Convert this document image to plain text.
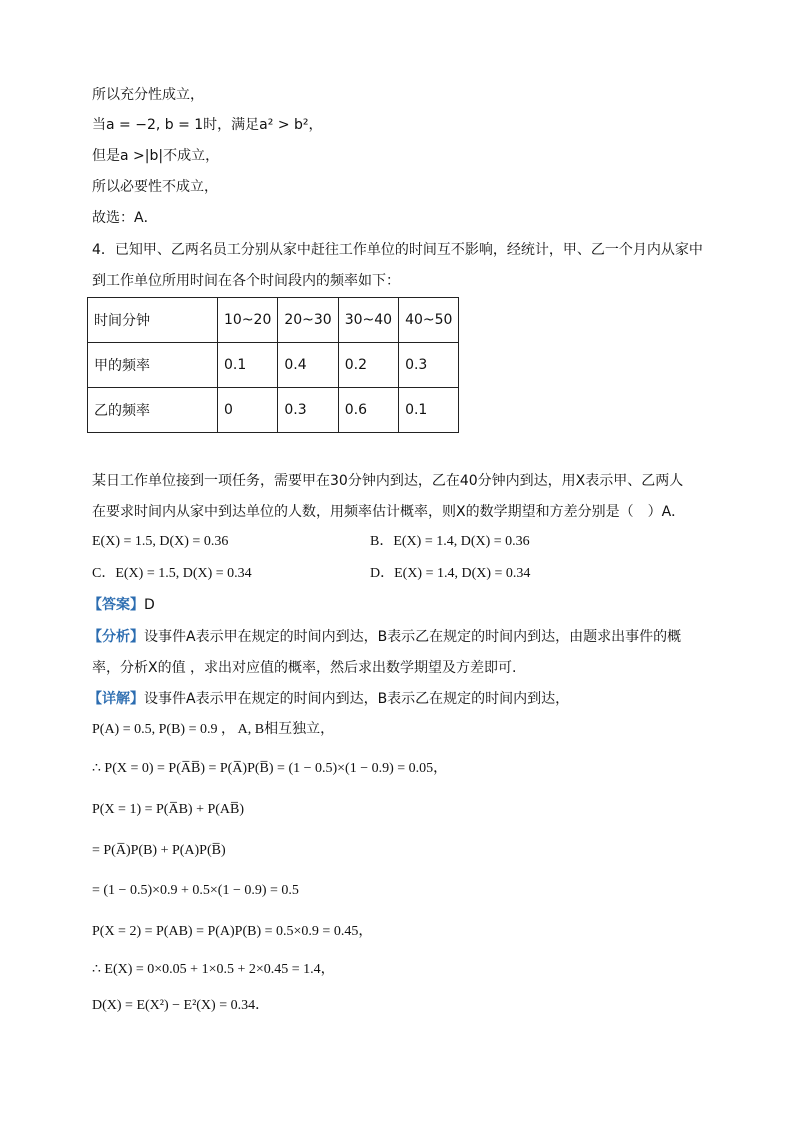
所以充分性成立，
当a = −2, b = 1时，满足a² > b²，
但是a >|b|不成立，
所以必要性不成立，
故选：A．
4．已知甲、乙两名员工分别从家中赶往工作单位的时间互不影响，经统计，甲、乙一个月内从家中
到工作单位所用时间在各个时间段内的频率如下：
时间分钟	10~20	20~30	30~40	40~50
甲的频率	0.1	0.4	0.2	0.3
乙的频率	0	0.3	0.6	0.1
某日工作单位接到一项任务，需要甲在30分钟内到达，乙在40分钟内到达，用X表示甲、乙两人
在要求时间内从家中到达单位的人数，用频率估计概率，则X的数学期望和方差分别是（　）A．
E(X) = 1.5, D(X) = 0.36	B．E(X) = 1.4, D(X) = 0.36
C．E(X) = 1.5, D(X) = 0.34	D．E(X) = 1.4, D(X) = 0.34
【答案】D
【分析】设事件A表示甲在规定的时间内到达，B表示乙在规定的时间内到达，由题求出事件的概
率，分析X的值 ，求出对应值的概率，然后求出数学期望及方差即可.
【详解】设事件A表示甲在规定的时间内到达，B表示乙在规定的时间内到达，
P(A) = 0.5, P(B) = 0.9 ， A, B相互独立，
∴ P(X = 0) = P(A̅B̅) = P(A̅)P(B̅) = (1 − 0.5)×(1 − 0.9) = 0.05，
P(X = 1) = P(A̅B) + P(AB̅)
= P(A̅)P(B) + P(A)P(B̅)
= (1 − 0.5)×0.9 + 0.5×(1 − 0.9) = 0.5
P(X = 2) = P(AB) = P(A)P(B) = 0.5×0.9 = 0.45，
∴ E(X) = 0×0.05 + 1×0.5 + 2×0.45 = 1.4，
D(X) = E(X²) − E²(X) = 0.34．
